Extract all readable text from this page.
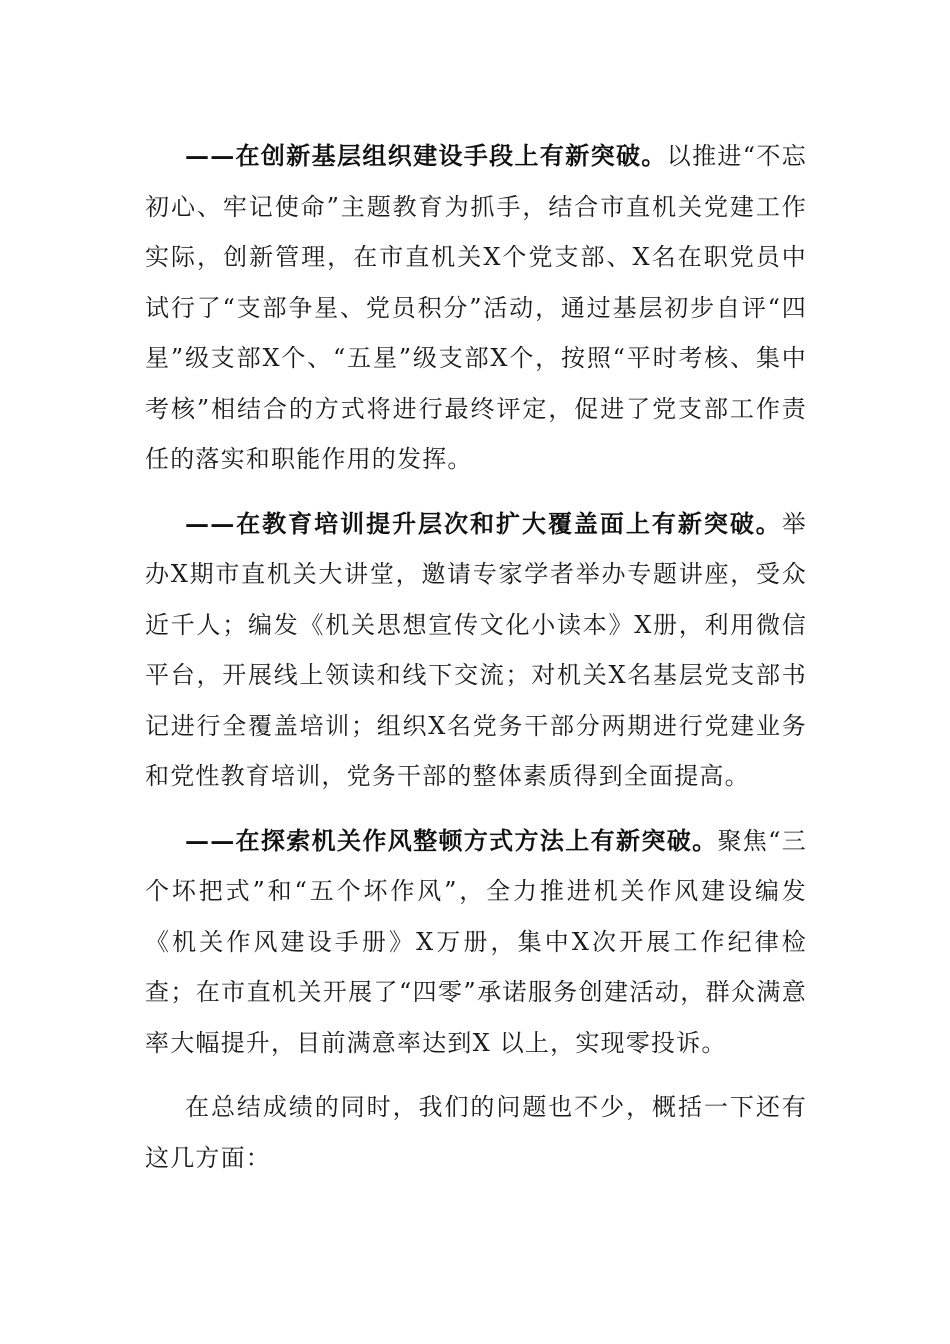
——在创新基层组织建设手段上有新突破。以推进“不忘初心、牢记使命”主题教育为抓手，结合市直机关党建工作实际，创新管理，在市直机关X个党支部、X名在职党员中试行了“支部争星、党员积分”活动，通过基层初步自评“四星”级支部X个、“五星”级支部X个，按照“平时考核、集中考核”相结合的方式将进行最终评定，促进了党支部工作责任的落实和职能作用的发挥。

——在教育培训提升层次和扩大覆盖面上有新突破。举办X期市直机关大讲堂，邀请专家学者举办专题讲座，受众近千人；编发《机关思想宣传文化小读本》X册，利用微信平台，开展线上领读和线下交流；对机关X名基层党支部书记进行全覆盖培训；组织X名党务干部分两期进行党建业务和党性教育培训，党务干部的整体素质得到全面提高。

——在探索机关作风整顿方式方法上有新突破。聚焦“三个坏把式”和“五个坏作风”，全力推进机关作风建设编发《机关作风建设手册》X万册，集中X次开展工作纪律检查；在市直机关开展了“四零”承诺服务创建活动，群众满意率大幅提升，目前满意率达到X 以上，实现零投诉。

在总结成绩的同时，我们的问题也不少，概括一下还有这几方面：
